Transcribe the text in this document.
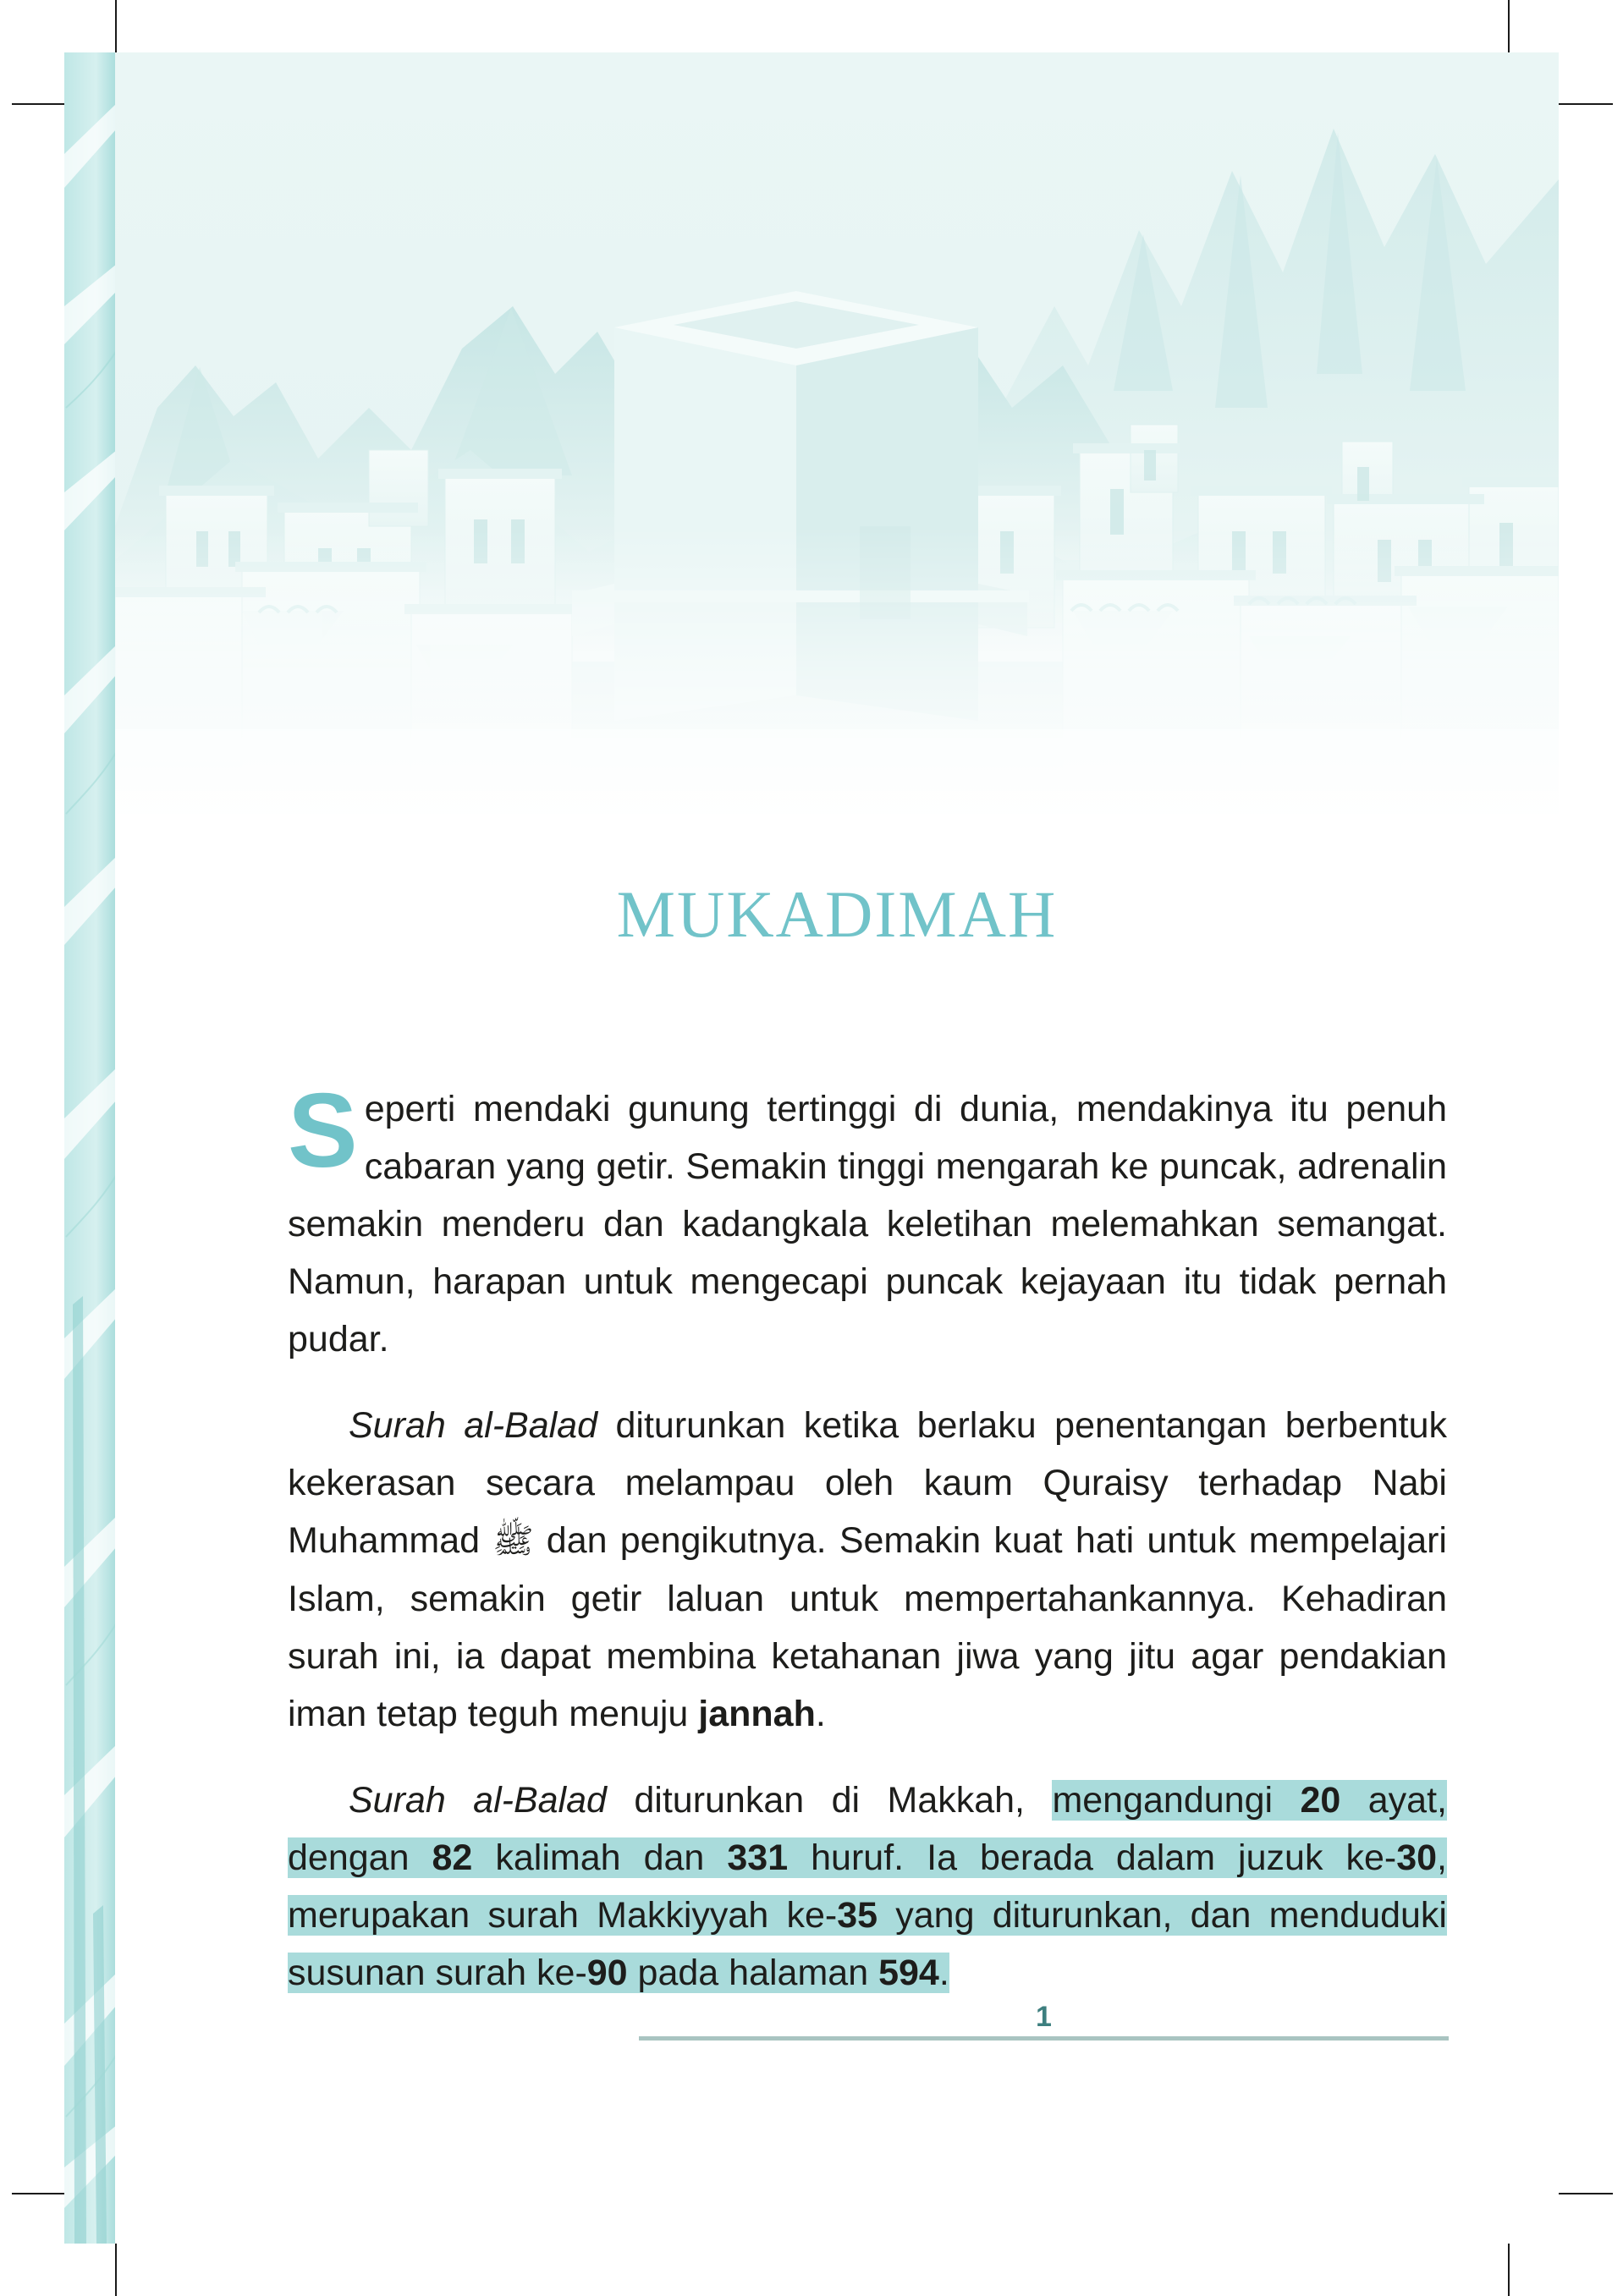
MUKADIMAH

Seperti mendaki gunung tertinggi di dunia, mendakinya itu penuh cabaran yang getir. Semakin tinggi mengarah ke puncak, adrenalin semakin menderu dan kadangkala keletihan melemahkan semangat. Namun, harapan untuk mengecapi puncak kejayaan itu tidak pernah pudar.

Surah al-Balad diturunkan ketika berlaku penentangan berbentuk kekerasan secara melampau oleh kaum Quraisy terhadap Nabi Muhammad ﷺ dan pengikutnya. Semakin kuat hati untuk mempelajari Islam, semakin getir laluan untuk mempertahankannya. Kehadiran surah ini, ia dapat membina ketahanan jiwa yang jitu agar pendakian iman tetap teguh menuju jannah.

Surah al-Balad diturunkan di Makkah, mengandungi 20 ayat, dengan 82 kalimah dan 331 huruf. Ia berada dalam juzuk ke-30, merupakan surah Makkiyyah ke-35 yang diturunkan, dan menduduki susunan surah ke-90 pada halaman 594.

1
